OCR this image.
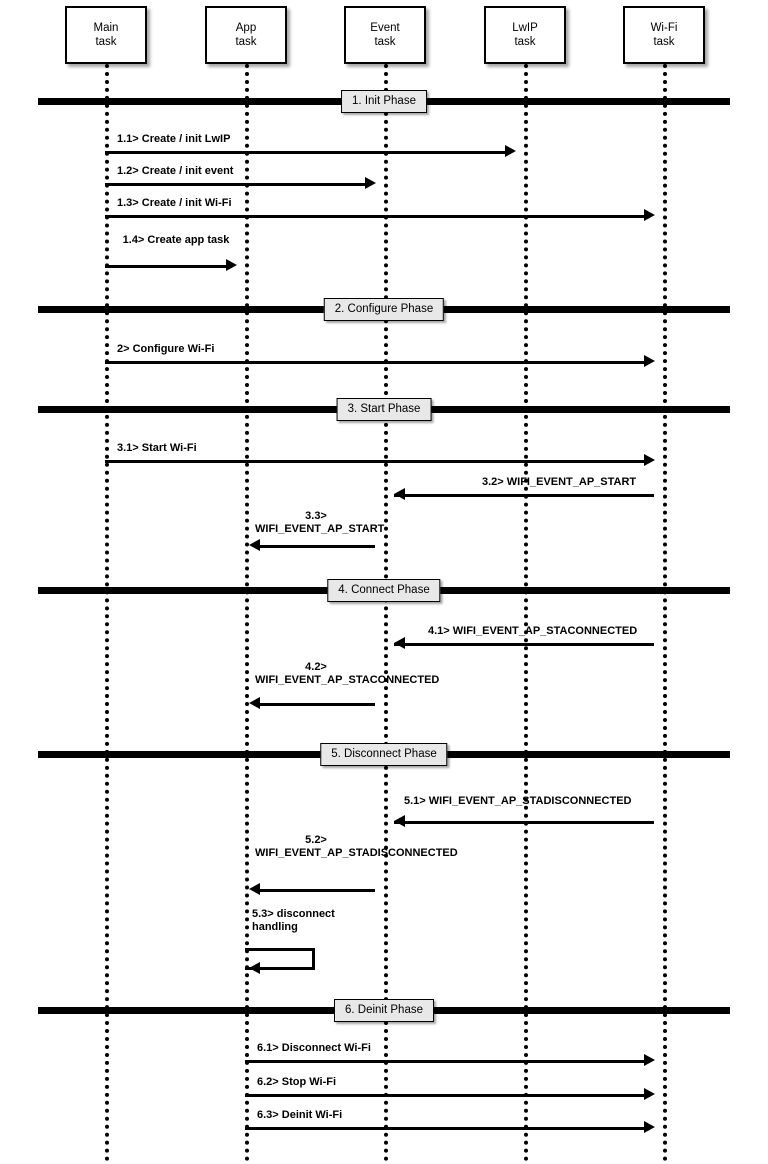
Main
task
App
task
Event
task
LwIP
task
Wi-Fi
task
1. Init Phase
1.1> Create / init LwIP
1.2> Create / init event
1.3> Create / init Wi-Fi
1.4> Create app task
2. Configure Phase
2> Configure Wi-Fi
3. Start Phase
3.1> Start Wi-Fi
3.2> WIFI_EVENT_AP_START
3.3> WIFI_EVENT_AP_START
4. Connect Phase
4.1> WIFI_EVENT_AP_STACONNECTED
4.2> WIFI_EVENT_AP_STACONNECTED
5. Disconnect Phase
5.1> WIFI_EVENT_AP_STADISCONNECTED
5.2> WIFI_EVENT_AP_STADISCONNECTED
5.3> disconnect handling
6. Deinit Phase
6.1> Disconnect Wi-Fi
6.2> Stop Wi-Fi
6.3> Deinit Wi-Fi
